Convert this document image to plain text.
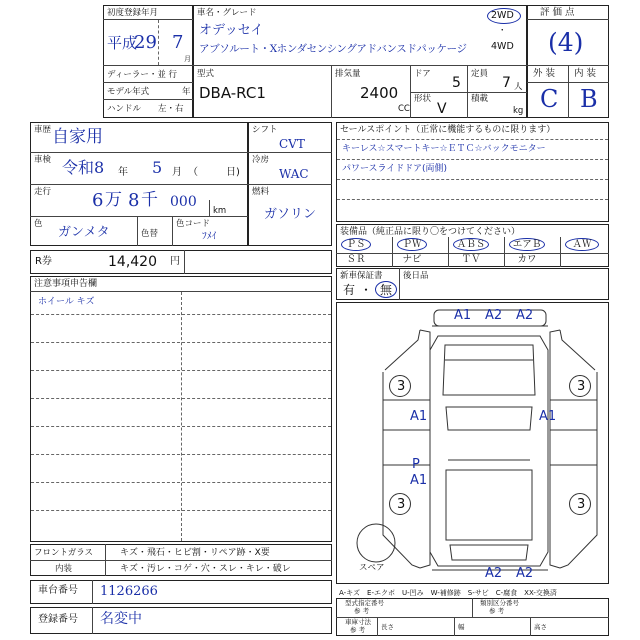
初度登録年月
平成
29 7
月
ディーラー・並 行
モデル年式	年
ハンドル 左・右
車名・グレード
オデッセイ
アブソルート・Xホンダセンシングアドバンスドパッケージ
2WD
・
4WD
型式
DBA-RC1
排気量
2400
CC
ドア
5
定員
7 人
形状
V
積載
kg
評 価 点
(4)
外 装 内 装
C B
車歴 自家用
車検 令和8 年 5 月 （	日)
走行 6 万 8 千 000
km
色
ガンメタ	色替
色コード
ﾌﾒｲ
シフト
CVT
冷房
WAC
燃料
ガソリン
セールスポイント（正常に機能するものに限ります）
キーレス☆スマートキー☆ＥＴＣ☆バックモニター
パワースライドドア(両側)
装備品（純正品に限り〇をつけてください）
ＰＳ	ＰＷ	ＡＢＳ	エアＢ	ＡＷ
ＳＲ	ナビ	ＴＶ	カワ
新車保証書
有 ・ 無
後日品
R券	14,420 円
注意事項申告欄
ホイール キズ
フロントガラス	キズ・飛石・ヒビ割・リペア跡・X要
内装	キズ・汚レ・コゲ・穴・スレ・キレ・破レ
車台番号 1126266
登録番号 名変中
A1 A2 A2
3	3
A1	A1
P
A1
3	3
A2 A2
スペア
A-キズ　E-エクボ　U-凹み　W-補修跡　S-サビ　C-腐食　XX-交換済
型式指定番号
参 考
類別区分番号
参 考
車庫寸法
参 考 長さ	幅	高さ
